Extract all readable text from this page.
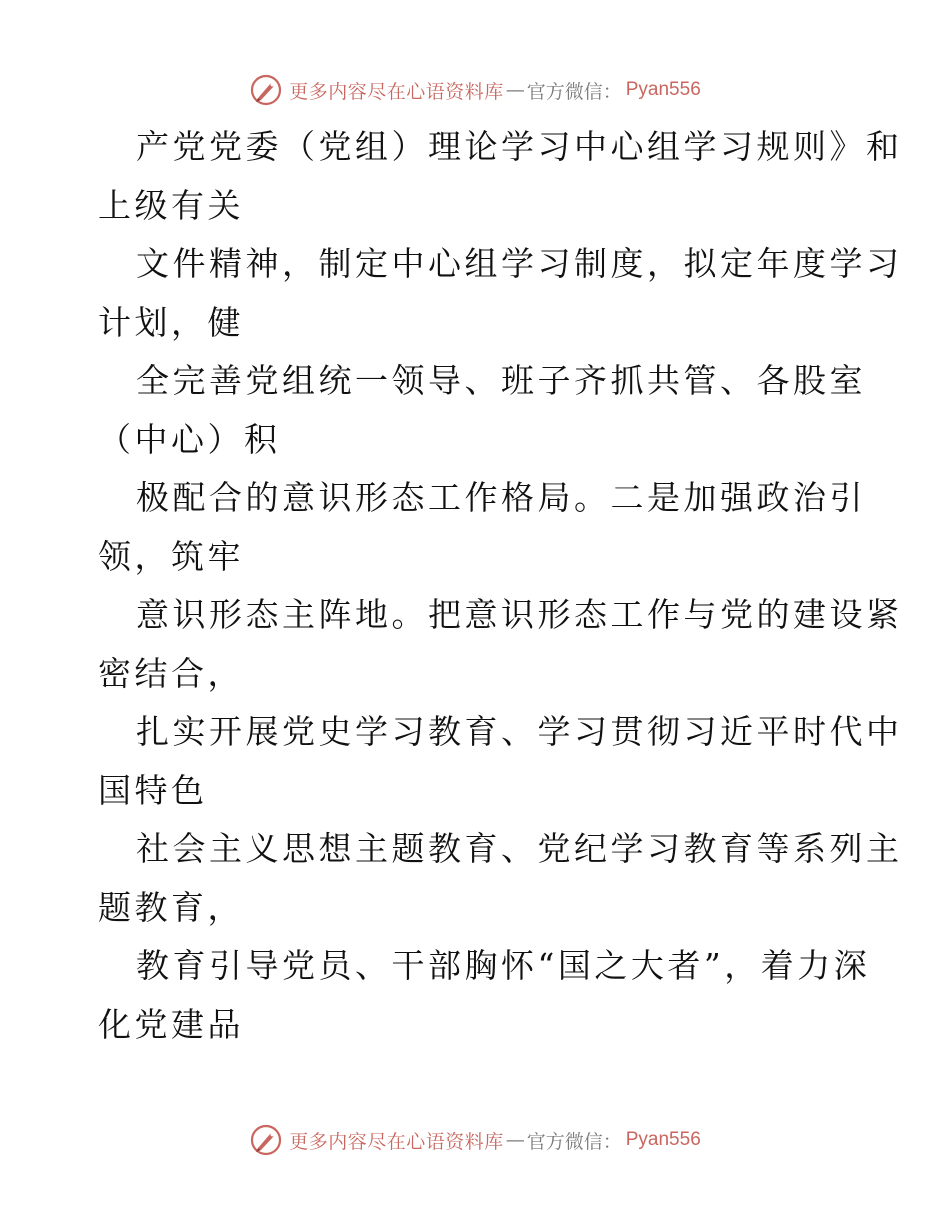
更多内容尽在心语资料库 — 官方微信： Pyan556
产党党委（党组）理论学习中心组学习规则》和
上级有关
文件精神，制定中心组学习制度，拟定年度学习
计划，健
全完善党组统一领导、班子齐抓共管、各股室
（中心）积
极配合的意识形态工作格局。二是加强政治引
领，筑牢
意识形态主阵地。把意识形态工作与党的建设紧
密结合，
扎实开展党史学习教育、学习贯彻习近平时代中
国特色
社会主义思想主题教育、党纪学习教育等系列主
题教育，
教育引导党员、干部胸怀“国之大者”，着力深
化党建品
更多内容尽在心语资料库 — 官方微信： Pyan556
